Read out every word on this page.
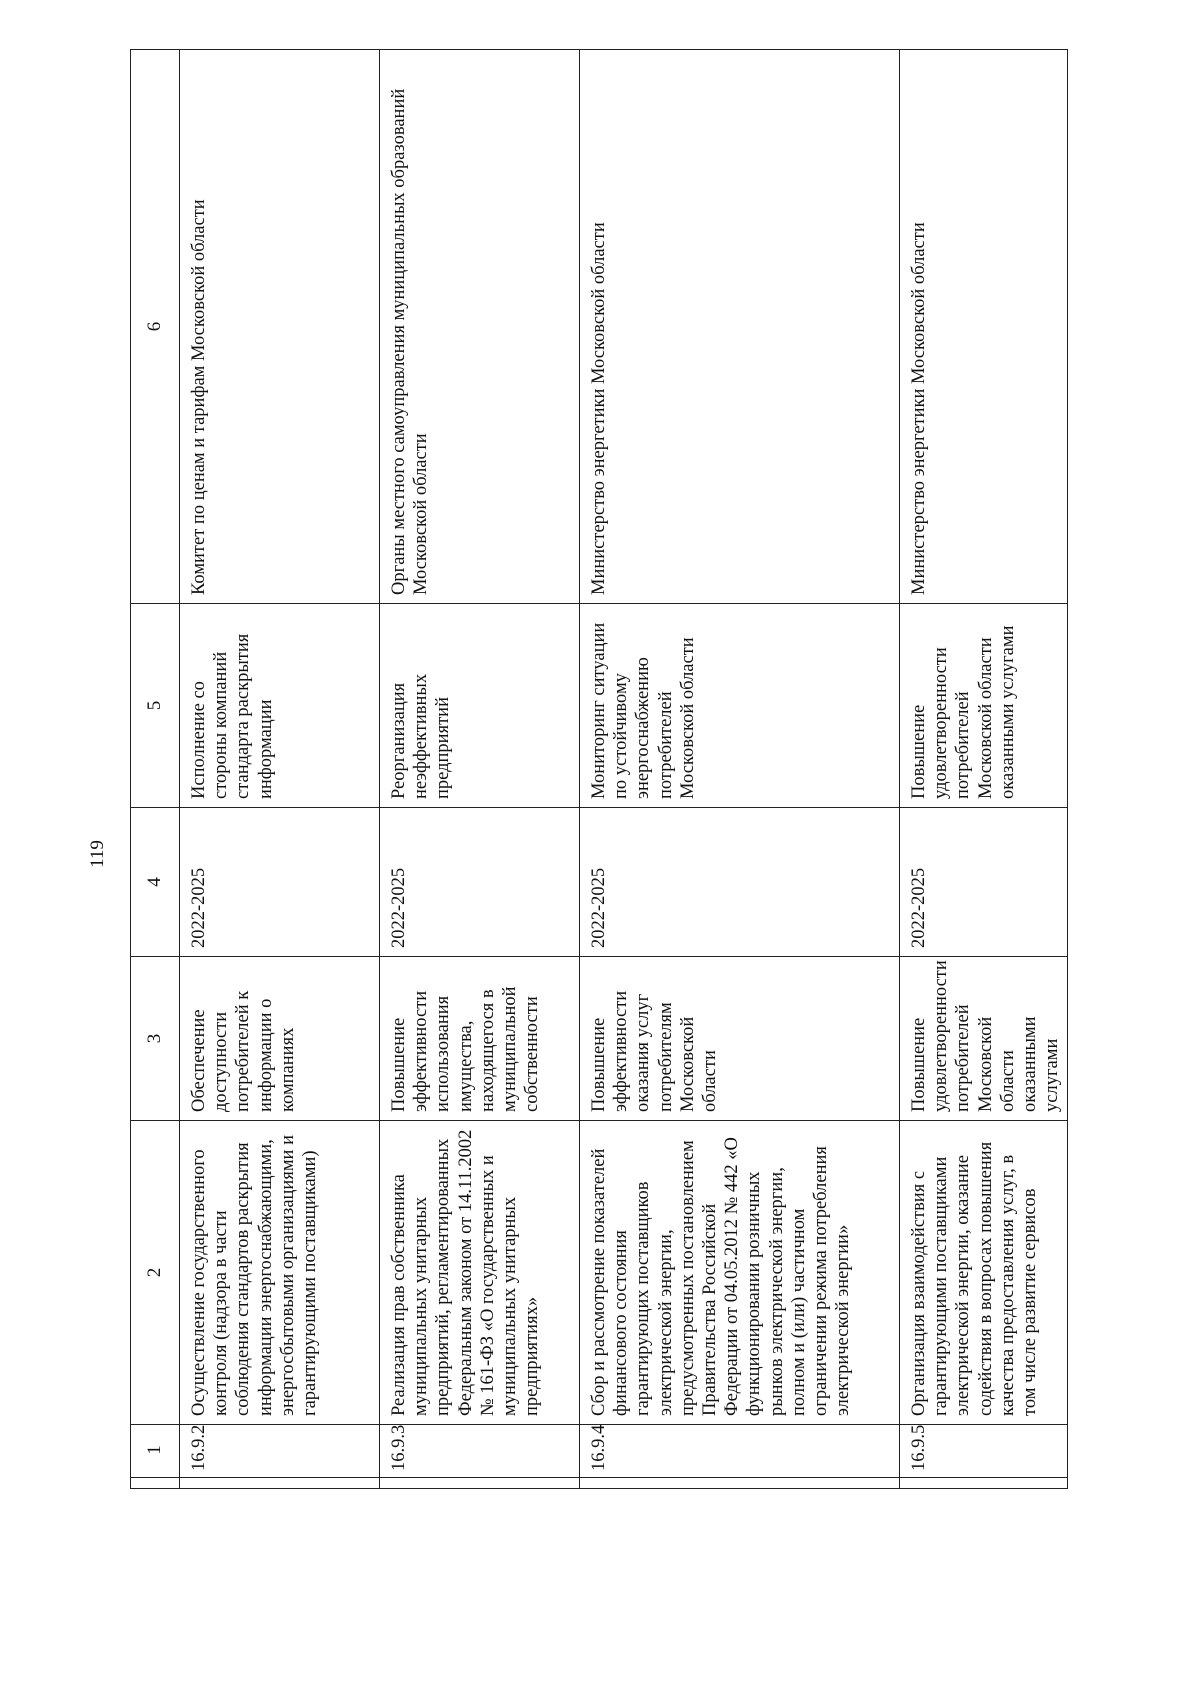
119
	1	2	3	4	5	6
	16.9.2	Осуществление государственного контроля (надзора в части соблюдения стандартов раскрытия информации энергоснабжающими, энергосбытовыми организациями и гарантирующими поставщиками)	Обеспечение доступности потребителей к информации о компаниях	2022-2025	Исполнение со стороны компаний стандарта раскрытия информации	Комитет по ценам и тарифам Московской области
	16.9.3	Реализация прав собственника муниципальных унитарных предприятий, регламентированных Федеральным законом от 14.11.2002 № 161-ФЗ «О государственных и муниципальных унитарных предприятиях»	Повышение эффективности использования имущества, находящегося в муниципальной собственности	2022-2025	Реорганизация неэффективных предприятий	Органы местного самоуправления муниципальных образований Московской области
	16.9.4	Сбор и рассмотрение показателей финансового состояния гарантирующих поставщиков электрической энергии, предусмотренных постановлением Правительства Российской Федерации от 04.05.2012 № 442 «О функционировании розничных рынков электрической энергии, полном и (или) частичном ограничении режима потребления электрической энергии»	Повышение эффективности оказания услуг потребителям Московской области	2022-2025	Мониторинг ситуации по устойчивому энергоснабжению потребителей Московской области	Министерство энергетики Московской области
	16.9.5	Организация взаимодействия с гарантирующими поставщиками электрической энергии, оказание содействия в вопросах повышения качества предоставления услуг, в том числе развитие сервисов	Повышение удовлетворенности потребителей Московской области оказанными услугами	2022-2025	Повышение удовлетворенности потребителей Московской области оказанными услугами	Министерство энергетики Московской области
